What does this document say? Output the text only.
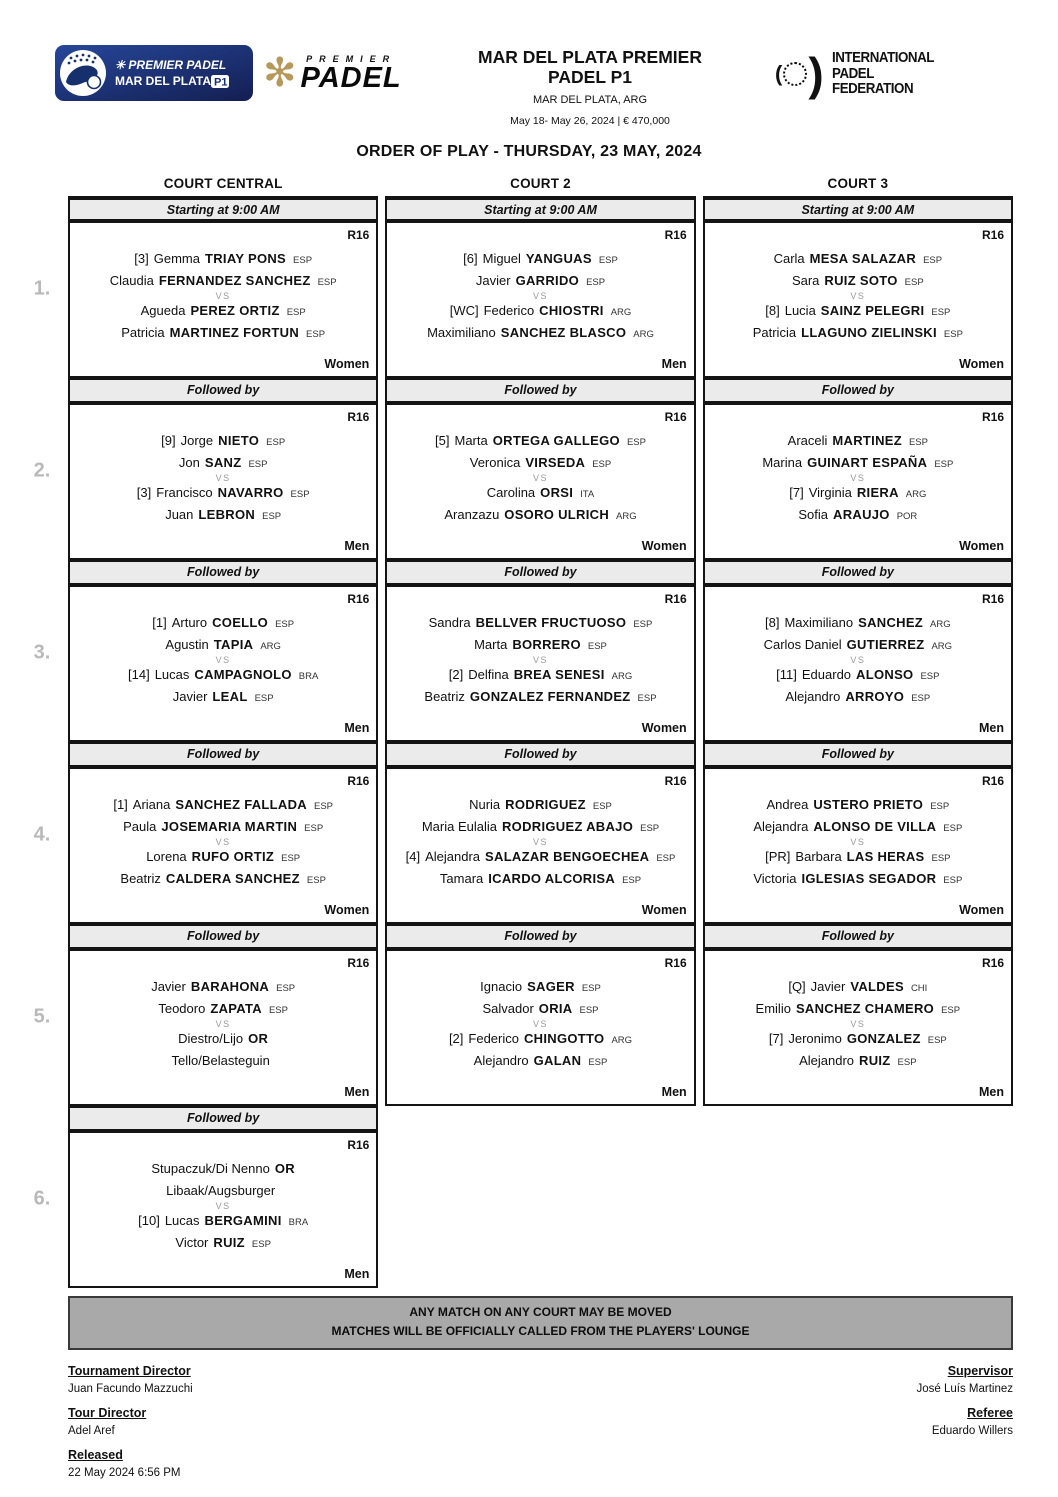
✳ PREMIER PADEL
MAR DEL PLATA P1 ✻ PREMIER
PADEL
MAR DEL PLATA PREMIER
PADEL P1
MAR DEL PLATA, ARG
May 18- May 26, 2024 | € 470,000
( ) INTERNATIONAL
PADEL
FEDERATION
ORDER OF PLAY - THURSDAY, 23 MAY, 2024
COURT CENTRAL	COURT 2	COURT 3
Starting at 9:00 AM
R16
[3] Gemma TRIAY PONS ESP
Claudia FERNANDEZ SANCHEZ ESP
VS
Agueda PEREZ ORTIZ ESP
Patricia MARTINEZ FORTUN ESP
Women
Followed by
R16
[9] Jorge NIETO ESP
Jon SANZ ESP
VS
[3] Francisco NAVARRO ESP
Juan LEBRON ESP
Men
Followed by
R16
[1] Arturo COELLO ESP
Agustin TAPIA ARG
VS
[14] Lucas CAMPAGNOLO BRA
Javier LEAL ESP
Men
Followed by
R16
[1] Ariana SANCHEZ FALLADA ESP
Paula JOSEMARIA MARTIN ESP
VS
Lorena RUFO ORTIZ ESP
Beatriz CALDERA SANCHEZ ESP
Women
Followed by
R16
Javier BARAHONA ESP
Teodoro ZAPATA ESP
VS
Diestro/Lijo OR
Tello/Belasteguin
Men
Followed by
R16
Stupaczuk/Di Nenno OR
Libaak/Augsburger
VS
[10] Lucas BERGAMINI BRA
Victor RUIZ ESP
Men
Starting at 9:00 AM
R16
[6] Miguel YANGUAS ESP
Javier GARRIDO ESP
VS
[WC] Federico CHIOSTRI ARG
Maximiliano SANCHEZ BLASCO ARG
Men
Followed by
R16
[5] Marta ORTEGA GALLEGO ESP
Veronica VIRSEDA ESP
VS
Carolina ORSI ITA
Aranzazu OSORO ULRICH ARG
Women
Followed by
R16
Sandra BELLVER FRUCTUOSO ESP
Marta BORRERO ESP
VS
[2] Delfina BREA SENESI ARG
Beatriz GONZALEZ FERNANDEZ ESP
Women
Followed by
R16
Nuria RODRIGUEZ ESP
Maria Eulalia RODRIGUEZ ABAJO ESP
VS
[4] Alejandra SALAZAR BENGOECHEA ESP
Tamara ICARDO ALCORISA ESP
Women
Followed by
R16
Ignacio SAGER ESP
Salvador ORIA ESP
VS
[2] Federico CHINGOTTO ARG
Alejandro GALAN ESP
Men
Starting at 9:00 AM
R16
Carla MESA SALAZAR ESP
Sara RUIZ SOTO ESP
VS
[8] Lucia SAINZ PELEGRI ESP
Patricia LLAGUNO ZIELINSKI ESP
Women
Followed by
R16
Araceli MARTINEZ ESP
Marina GUINART ESPAÑA ESP
VS
[7] Virginia RIERA ARG
Sofia ARAUJO POR
Women
Followed by
R16
[8] Maximiliano SANCHEZ ARG
Carlos Daniel GUTIERREZ ARG
VS
[11] Eduardo ALONSO ESP
Alejandro ARROYO ESP
Men
Followed by
R16
Andrea USTERO PRIETO ESP
Alejandra ALONSO DE VILLA ESP
VS
[PR] Barbara LAS HERAS ESP
Victoria IGLESIAS SEGADOR ESP
Women
Followed by
R16
[Q] Javier VALDES CHI
Emilio SANCHEZ CHAMERO ESP
VS
[7] Jeronimo GONZALEZ ESP
Alejandro RUIZ ESP
Men
1.
2.
3.
4.
5.
6.
ANY MATCH ON ANY COURT MAY BE MOVED
MATCHES WILL BE OFFICIALLY CALLED FROM THE PLAYERS' LOUNGE
Tournament Director
Juan Facundo Mazzuchi
Tour Director
Adel Aref
Released
22 May 2024 6:56 PM
Supervisor
José Luís Martinez
Referee
Eduardo Willers
